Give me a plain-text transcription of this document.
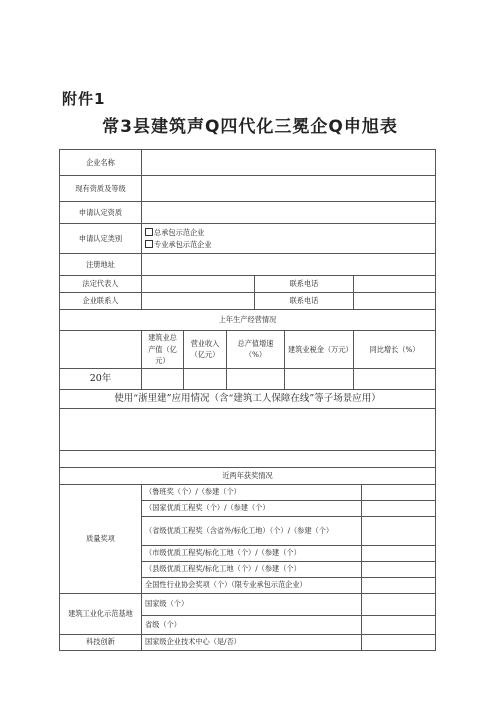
附件1
常3县建筑声Q四代化三冕企Q申旭表
企业名称							
现有资质及等级							
申请认定资质							
申请认定类别	总承包示范企业
专业承包示范企业						

注册地址							
法定代表人				联系电话			
企业联系人				联系电话			
上年生产经营情况							
	建筑业总产值（亿元）	营业收入（亿元）	总产值增速（%）		建筑业税金（万元）	同比增长（%）	
20年							
使用“浙里建”应用情况（含“建筑工人保障在线”等子场景应用）							

近两年获奖情况							
质量奖项	（鲁班奖（个）/（参建（个）						
	（国家优质工程奖（个）/（参建（个）						
	（省级优质工程奖（含省外/标化工地）（个）/（参建（个）						
	（市级优质工程奖/标化工地（个）/（参建（个）						
	（县级优质工程奖/标化工地（个）/（参建（个）						
	全国性行业协会奖项（个）（限专业承包示范企业）						
建筑工业化示范基地	国家级（个）						
	省级（个）						
科技创新	国家级企业技术中心（是/否）						
